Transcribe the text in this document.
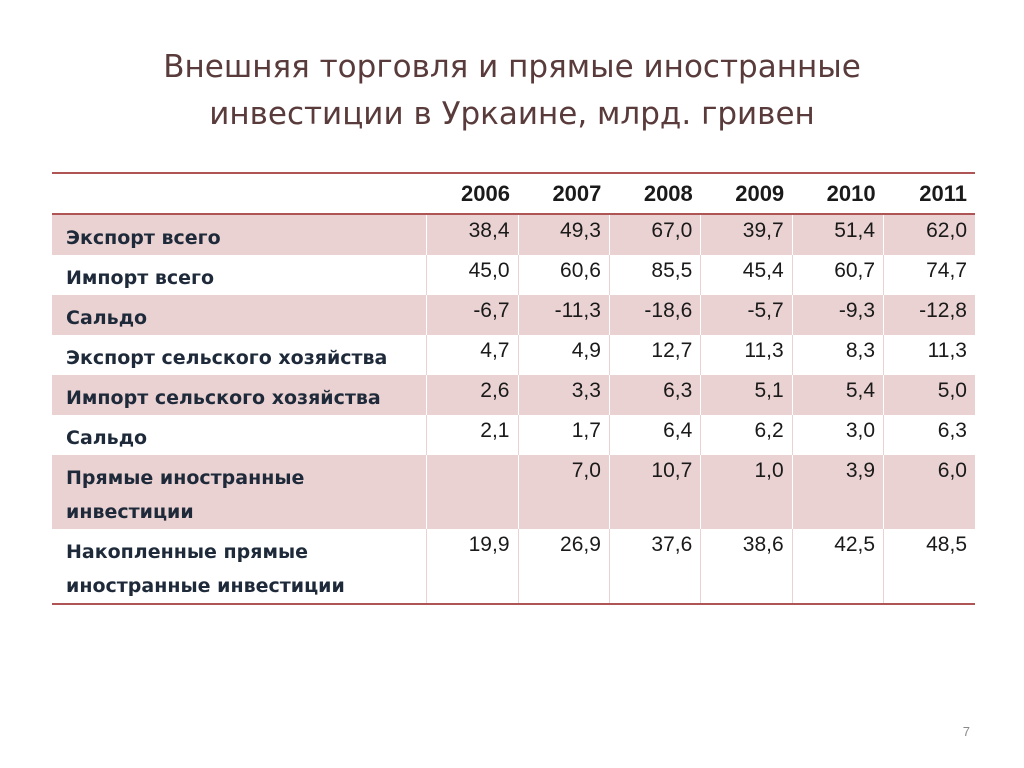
Внешняя торговля и прямые иностранные
инвестиции в Уркаине, млрд. гривен
	2006	2007	2008	2009	2010	2011
Экспорт всего	38,4	49,3	67,0	39,7	51,4	62,0
Импорт всего	45,0	60,6	85,5	45,4	60,7	74,7
Сальдо	-6,7	-11,3	-18,6	-5,7	-9,3	-12,8
Экспорт сельского хозяйства	4,7	4,9	12,7	11,3	8,3	11,3
Импорт сельского хозяйства	2,6	3,3	6,3	5,1	5,4	5,0
Сальдо	2,1	1,7	6,4	6,2	3,0	6,3
Прямые иностранные инвестиции		7,0	10,7	1,0	3,9	6,0
Накопленные прямые иностранные инвестиции	19,9	26,9	37,6	38,6	42,5	48,5
7
